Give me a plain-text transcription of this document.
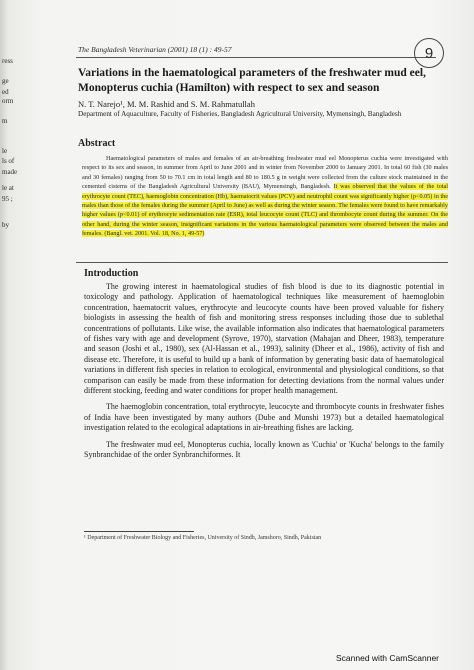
ress
ge
ed
orm
m
le
ls of
made
le at
95 ;
by
The Bangladesh Veterinarian (2001) 18 (1) : 49-57	9
Variations in the haematological parameters of the freshwater mud eel, Monopterus cuchia (Hamilton) with respect to sex and season
N. T. Narejo¹, M. M. Rashid and S. M. Rahmatullah
Department of Aquaculture, Faculty of Fisheries, Bangladesh Agricultural University, Mymensingh, Bangladesh
Abstract
Haematological parameters of males and females of an air-breathing freshwater mud eel Monopterus cuchia were investigated with respect to its sex and season, in summer from April to June 2001 and in winter from November 2000 to January 2001. In total 60 fish (30 males and 30 females) ranging from 50 to 70.1 cm in total length and 80 to 180.5 g in weight were collected from the culture stock maintained in the cemented cisterns of the Bangladesh Agricultural University (BAU), Mymensingh, Bangladesh. It was observed that the values of the total erythrocyte count (TEC), haemoglobin concentration (Hb), haematocrit values (PCV) and neutrophil count was significantly higher (p<0.05) in the males than those of the females during the summer (April to June) as well as during the winter season. The females were found to have remarkably higher values (p<0.01) of erythrocyte sedimentation rate (ESR), total leucocyte count (TLC) and thrombocyte count during the summer. On the other hand, during the winter season, insignificant variations in the various haematological parameters were observed between the males and females. (Bangl. vet. 2001. Vol. 18, No. 1, 49-57)
Introduction

The growing interest in haematological studies of fish blood is due to its diagnostic potential in toxicology and pathology. Application of haematological techniques like measurement of haemoglobin concentration, haematocrit values, erythrocyte and leucocyte counts have been proved valuable for fishery biologists in assessing the health of fish and monitoring stress responses including those due to sublethal concentrations of pollutants. Like wise, the available information also indicates that haematological parameters of fishes vary with age and development (Syrove, 1970), starvation (Mahajan and Dheer, 1983), temperature and season (Joshi et al., 1980), sex (Al-Hassan et al., 1993), salinity (Dheer et al., 1986), activity of fish and disease etc. Therefore, it is useful to build up a bank of information by generating basic data of haematological variations in different fish species in relation to ecological, environmental and physiological conditions, so that comparison can easily be made from these information for detecting deviations from the normal values under different stocking, feeding and water conditions for proper health management.

The haemoglobin concentration, total erythrocyte, leucocyte and thrombocyte counts in freshwater fishes of India have been investigated by many authors (Dube and Munshi 1973) but a detailed haematological investigation related to the ecological adaptations in air-breathing fishes are lacking.

The freshwater mud eel, Monopterus cuchia, locally known as 'Cuchia' or 'Kucha' belongs to the family Synbranchidae of the order Synbranchiformes. It

¹ Department of Freshwater Biology and Fisheries, University of Sindh, Jamshoro, Sindh, Pakistan
Scanned with CamScanner
